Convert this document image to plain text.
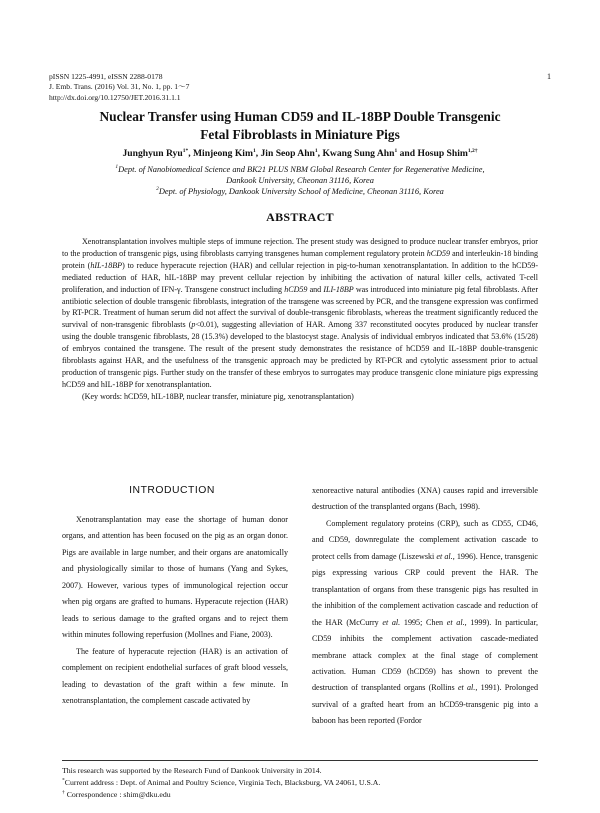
pISSN 1225-4991, eISSN 2288-0178
J. Emb. Trans. (2016) Vol. 31, No. 1, pp. 1～7
http://dx.doi.org/10.12750/JET.2016.31.1.1
1
Nuclear Transfer using Human CD59 and IL-18BP Double Transgenic
Fetal Fibroblasts in Miniature Pigs
Junghyun Ryu$^{1*}$, Minjeong Kim$^1$, Jin Seop Ahn$^1$, Kwang Sung Ahn$^1$ and Hosup Shim$^{1,2\dagger}$
$^1$Dept. of Nanobiomedical Science and BK21 PLUS NBM Global Research Center for Regenerative Medicine,
Dankook University, Cheonan 31116, Korea
$^2$Dept. of Physiology, Dankook University School of Medicine, Cheonan 31116, Korea
ABSTRACT

Xenotransplantation involves multiple steps of immune rejection. The present study was designed to produce nuclear transfer embryos, prior to the production of transgenic pigs, using fibroblasts carrying transgenes human complement regulatory protein hCD59 and interleukin-18 binding protein (hIL-18BP) to reduce hyperacute rejection (HAR) and cellular rejection in pig-to-human xenotransplantation. In addition to the hCD59-mediated reduction of HAR, hIL-18BP may prevent cellular rejection by inhibiting the activation of natural killer cells, activated T-cell proliferation, and induction of IFN-γ. Transgene construct including hCD59 and ILI-18BP was introduced into miniature pig fetal fibroblasts. After antibiotic selection of double transgenic fibroblasts, integration of the transgene was screened by PCR, and the transgene expression was confirmed by RT-PCR. Treatment of human serum did not affect the survival of double-transgenic fibroblasts, whereas the treatment significantly reduced the survival of non-transgenic fibroblasts (p<0.01), suggesting alleviation of HAR. Among 337 reconstituted oocytes produced by nuclear transfer using the double transgenic fibroblasts, 28 (15.3%) developed to the blastocyst stage. Analysis of individual embryos indicated that 53.6% (15/28) of embryos contained the transgene. The result of the present study demonstrates the resistance of hCD59 and IL-18BP double-transgenic fibroblasts against HAR, and the usefulness of the transgenic approach may be predicted by RT-PCR and cytolytic assessment prior to actual production of transgenic pigs. Further study on the transfer of these embryos to surrogates may produce transgenic clone miniature pigs expressing hCD59 and hIL-18BP for xenotransplantation.

(Key words: hCD59, hIL-18BP, nuclear transfer, miniature pig, xenotransplantation)

INTRODUCTION

Xenotransplantation may ease the shortage of human donor organs, and attention has been focused on the pig as an organ donor. Pigs are available in large number, and their organs are anatomically and physiologically similar to those of humans (Yang and Sykes, 2007). However, various types of immunological rejection occur when pig organs are grafted to humans. Hyperacute rejection (HAR) leads to serious damage to the grafted organs and to reject them within minutes following reperfusion (Mollnes and Fiane, 2003).

The feature of hyperacute rejection (HAR) is an activation of complement on recipient endothelial surfaces of graft blood vessels, leading to devastation of the graft within a few minute. In xenotransplantation, the complement cascade activated by

xenoreactive natural antibodies (XNA) causes rapid and irreversible destruction of the transplanted organs (Bach, 1998).

Complement regulatory proteins (CRP), such as CD55, CD46, and CD59, downregulate the complement activation cascade to protect cells from damage (Liszewski et al., 1996). Hence, transgenic pigs expressing various CRP could prevent the HAR. The transplantation of organs from these transgenic pigs has resulted in the inhibition of the complement activation cascade and reduction of the HAR (McCurry et al. 1995; Chen et al., 1999). In particular, CD59 inhibits the complement activation cascade-mediated membrane attack complex at the final stage of complement activation. Human CD59 (hCD59) has shown to prevent the destruction of transplanted organs (Rollins et al., 1991). Prolonged survival of a grafted heart from an hCD59-transgenic pig into a baboon has been reported (Fordor

This research was supported by the Research Fund of Dankook University in 2014.
*Current address : Dept. of Animal and Poultry Science, Virginia Tech, Blacksburg, VA 24061, U.S.A.
† Correspondence : shim@dku.edu
